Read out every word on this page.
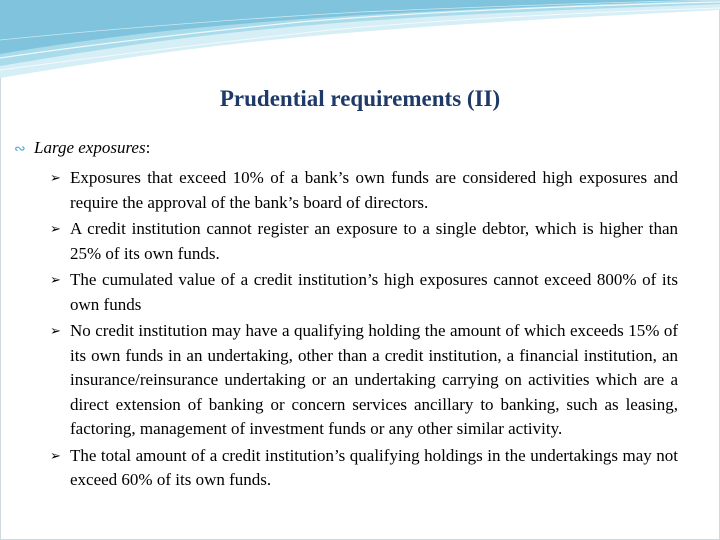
Prudential requirements (II)
∾ Large exposures:
➢ Exposures that exceed 10% of a bank’s own funds are considered high exposures and require the approval of the bank’s board of directors.
➢ A credit institution cannot register an exposure to a single debtor, which is higher than 25% of its own funds.
➢ The cumulated value of a credit institution’s high exposures cannot exceed 800% of its own funds
➢ No credit institution may have a qualifying holding the amount of which exceeds 15% of its own funds in an undertaking, other than a credit institution, a financial institution, an insurance/reinsurance undertaking or an undertaking carrying on activities which are a direct extension of banking or concern services ancillary to banking, such as leasing, factoring, management of investment funds or any other similar activity.
➢ The total amount of a credit institution’s qualifying holdings in the undertakings may not exceed 60% of its own funds.
